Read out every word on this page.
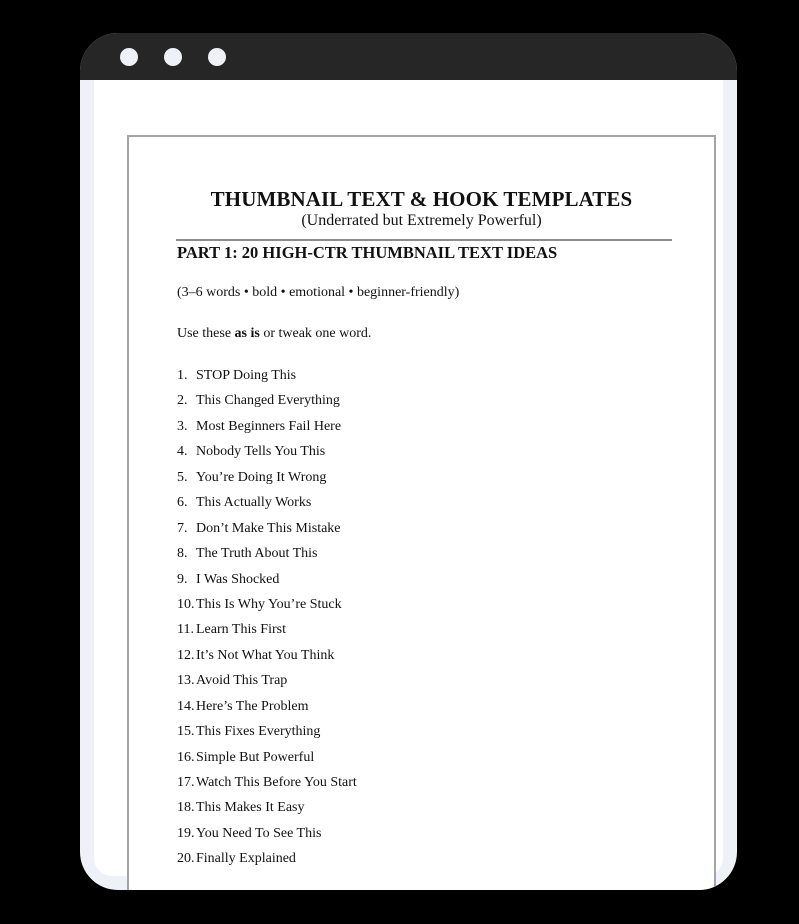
THUMBNAIL TEXT & HOOK TEMPLATES
(Underrated but Extremely Powerful)
PART 1: 20 HIGH-CTR THUMBNAIL TEXT IDEAS
(3–6 words • bold • emotional • beginner-friendly)
Use these as is or tweak one word.
1. STOP Doing This
2. This Changed Everything
3. Most Beginners Fail Here
4. Nobody Tells You This
5. You’re Doing It Wrong
6. This Actually Works
7. Don’t Make This Mistake
8. The Truth About This
9. I Was Shocked
10. This Is Why You’re Stuck
11. Learn This First
12. It’s Not What You Think
13. Avoid This Trap
14. Here’s The Problem
15. This Fixes Everything
16. Simple But Powerful
17. Watch This Before You Start
18. This Makes It Easy
19. You Need To See This
20. Finally Explained
